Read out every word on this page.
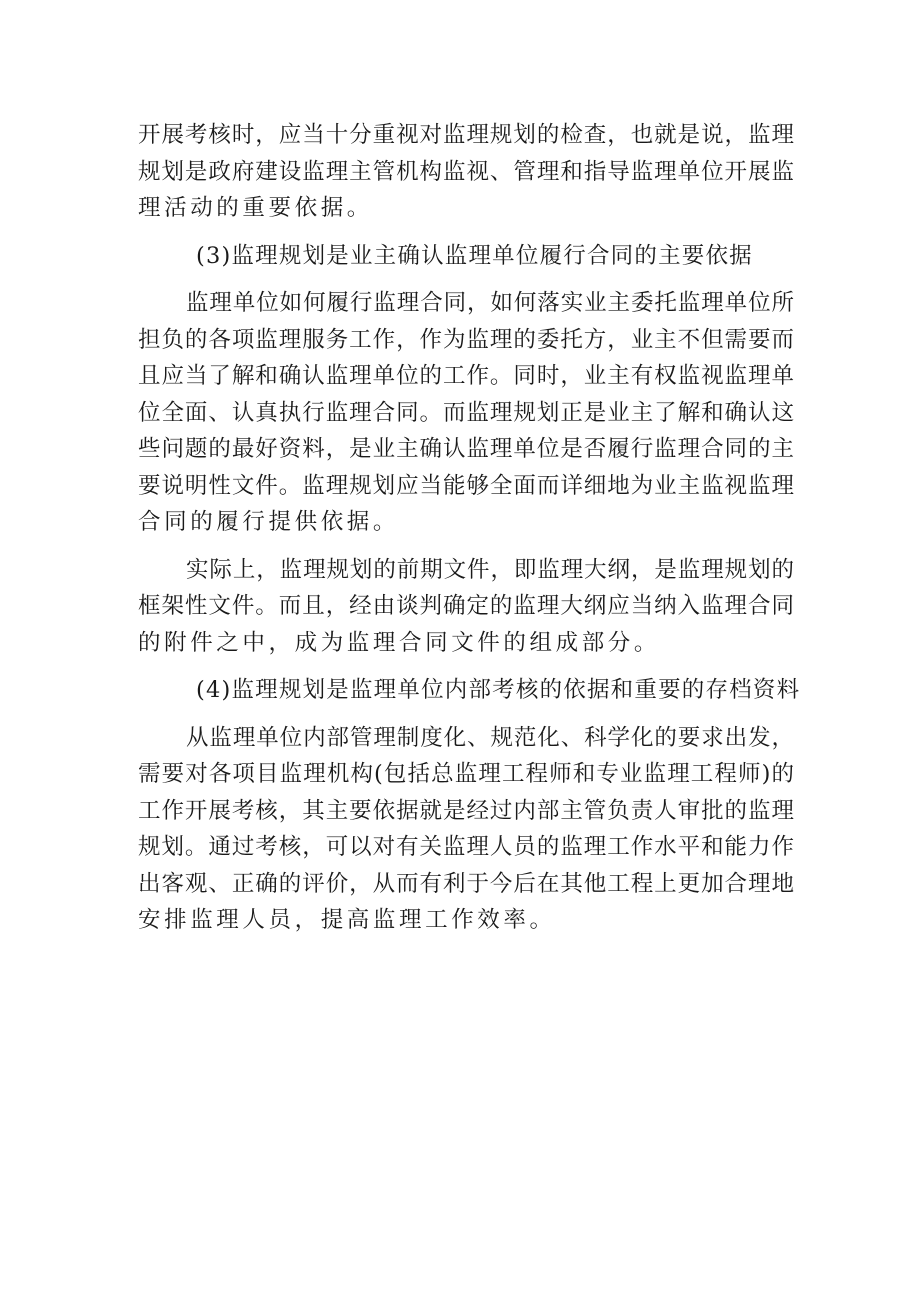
开展考核时，应当十分重视对监理规划的检查，也就是说，监理
规划是政府建设监理主管机构监视、管理和指导监理单位开展监
理活动的重要依据。
(3)监理规划是业主确认监理单位履行合同的主要依据
监理单位如何履行监理合同，如何落实业主委托监理单位所
担负的各项监理服务工作，作为监理的委托方，业主不但需要而
且应当了解和确认监理单位的工作。同时，业主有权监视监理单
位全面、认真执行监理合同。而监理规划正是业主了解和确认这
些问题的最好资料，是业主确认监理单位是否履行监理合同的主
要说明性文件。监理规划应当能够全面而详细地为业主监视监理
合同的履行提供依据。
实际上，监理规划的前期文件，即监理大纲，是监理规划的
框架性文件。而且，经由谈判确定的监理大纲应当纳入监理合同
的附件之中，成为监理合同文件的组成部分。
(4)监理规划是监理单位内部考核的依据和重要的存档资料
从监理单位内部管理制度化、规范化、科学化的要求出发，
需要对各项目监理机构(包括总监理工程师和专业监理工程师)的
工作开展考核，其主要依据就是经过内部主管负责人审批的监理
规划。通过考核，可以对有关监理人员的监理工作水平和能力作
出客观、正确的评价，从而有利于今后在其他工程上更加合理地
安排监理人员，提高监理工作效率。
